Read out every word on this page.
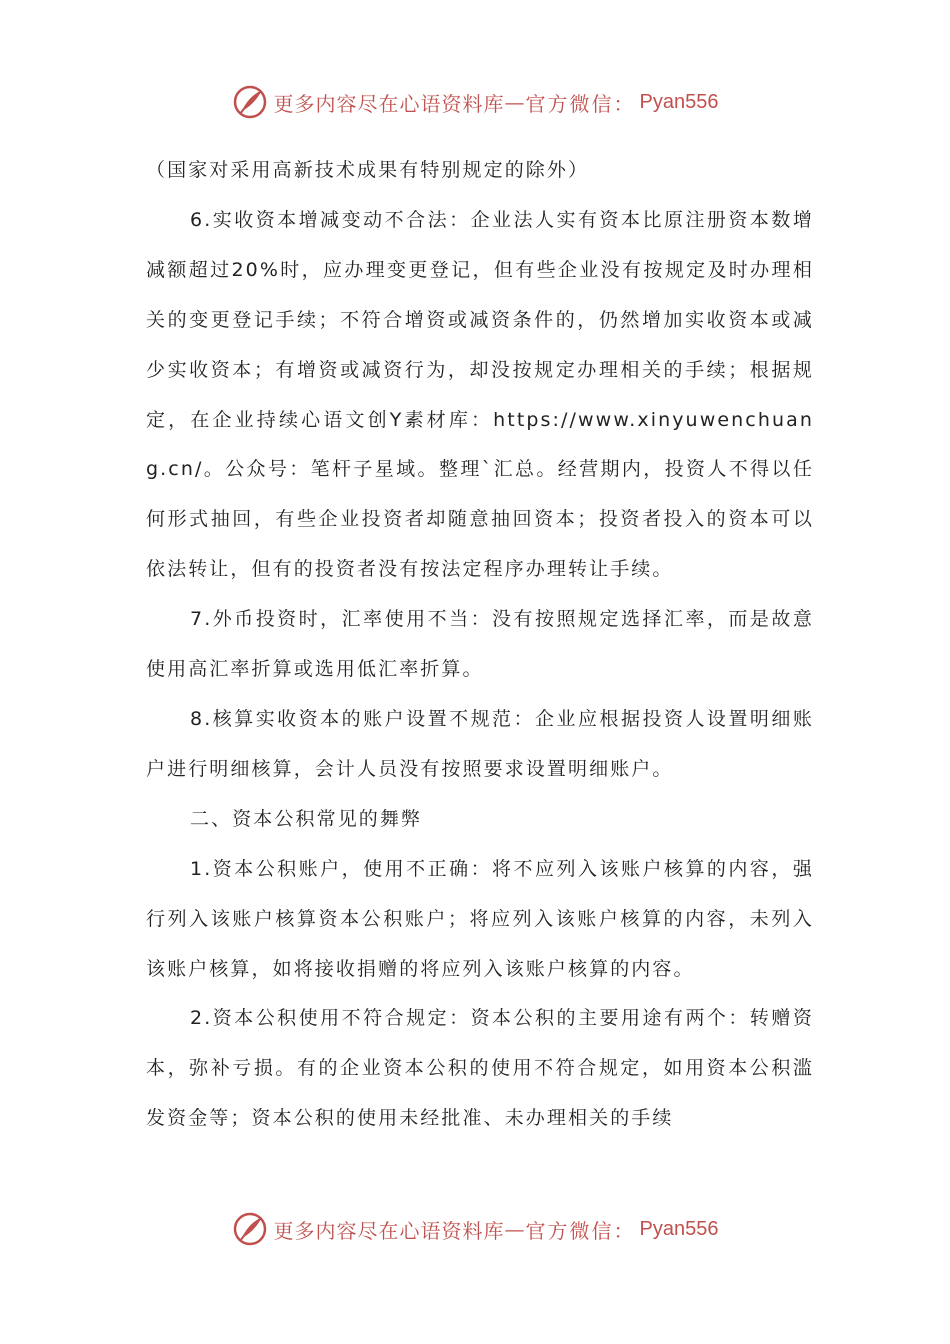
更多内容尽在心语资料库 — 官方微信： Pyan556

（国家对采用高新技术成果有特别规定的除外）

6.实收资本增减变动不合法：企业法人实有资本比原注册资本数增减额超过20%时，应办理变更登记，但有些企业没有按规定及时办理相关的变更登记手续；不符合增资或减资条件的，仍然增加实收资本或减少实收资本；有增资或减资行为，却没按规定办理相关的手续；根据规定，在企业持续心语文创Y素材库：https://www.xinyuwenchuang.cn/。公众号：笔杆子星域。整理`汇总。经营期内，投资人不得以任何形式抽回，有些企业投资者却随意抽回资本；投资者投入的资本可以依法转让，但有的投资者没有按法定程序办理转让手续。

7.外币投资时，汇率使用不当：没有按照规定选择汇率，而是故意使用高汇率折算或选用低汇率折算。

8.核算实收资本的账户设置不规范：企业应根据投资人设置明细账户进行明细核算，会计人员没有按照要求设置明细账户。

二、资本公积常见的舞弊

1.资本公积账户，使用不正确：将不应列入该账户核算的内容，强行列入该账户核算资本公积账户；将应列入该账户核算的内容，未列入该账户核算，如将接收捐赠的将应列入该账户核算的内容。

2.资本公积使用不符合规定：资本公积的主要用途有两个：转赠资本，弥补亏损。有的企业资本公积的使用不符合规定，如用资本公积滥发资金等；资本公积的使用未经批准、未办理相关的手续

更多内容尽在心语资料库 — 官方微信： Pyan556
